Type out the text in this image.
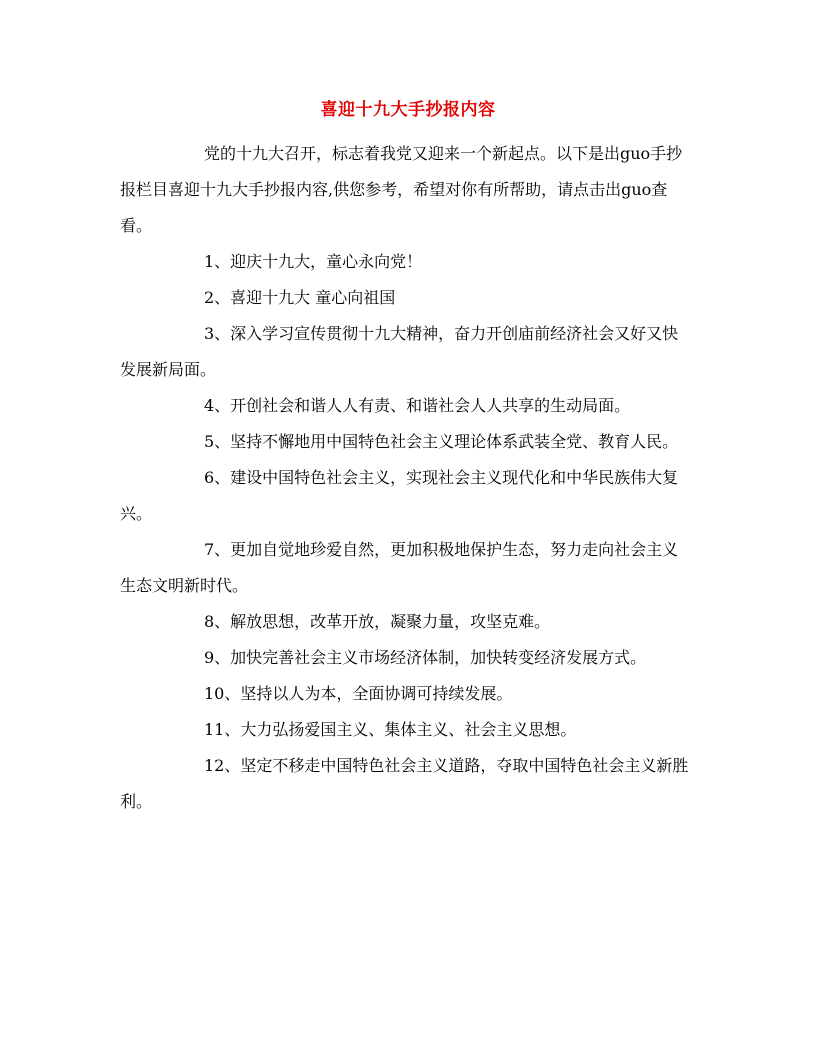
喜迎十九大手抄报内容

党的十九大召开，标志着我党又迎来一个新起点。以下是出guo手抄报栏目喜迎十九大手抄报内容,供您参考，希望对你有所帮助，请点击出guo查看。

1、迎庆十九大，童心永向党！

2、喜迎十九大 童心向祖国

3、深入学习宣传贯彻十九大精神，奋力开创庙前经济社会又好又快发展新局面。

4、开创社会和谐人人有责、和谐社会人人共享的生动局面。

5、坚持不懈地用中国特色社会主义理论体系武装全党、教育人民。

6、建设中国特色社会主义，实现社会主义现代化和中华民族伟大复兴。

7、更加自觉地珍爱自然，更加积极地保护生态，努力走向社会主义生态文明新时代。

8、解放思想，改革开放，凝聚力量，攻坚克难。

9、加快完善社会主义市场经济体制，加快转变经济发展方式。

10、坚持以人为本，全面协调可持续发展。

11、大力弘扬爱国主义、集体主义、社会主义思想。

12、坚定不移走中国特色社会主义道路，夺取中国特色社会主义新胜利。
